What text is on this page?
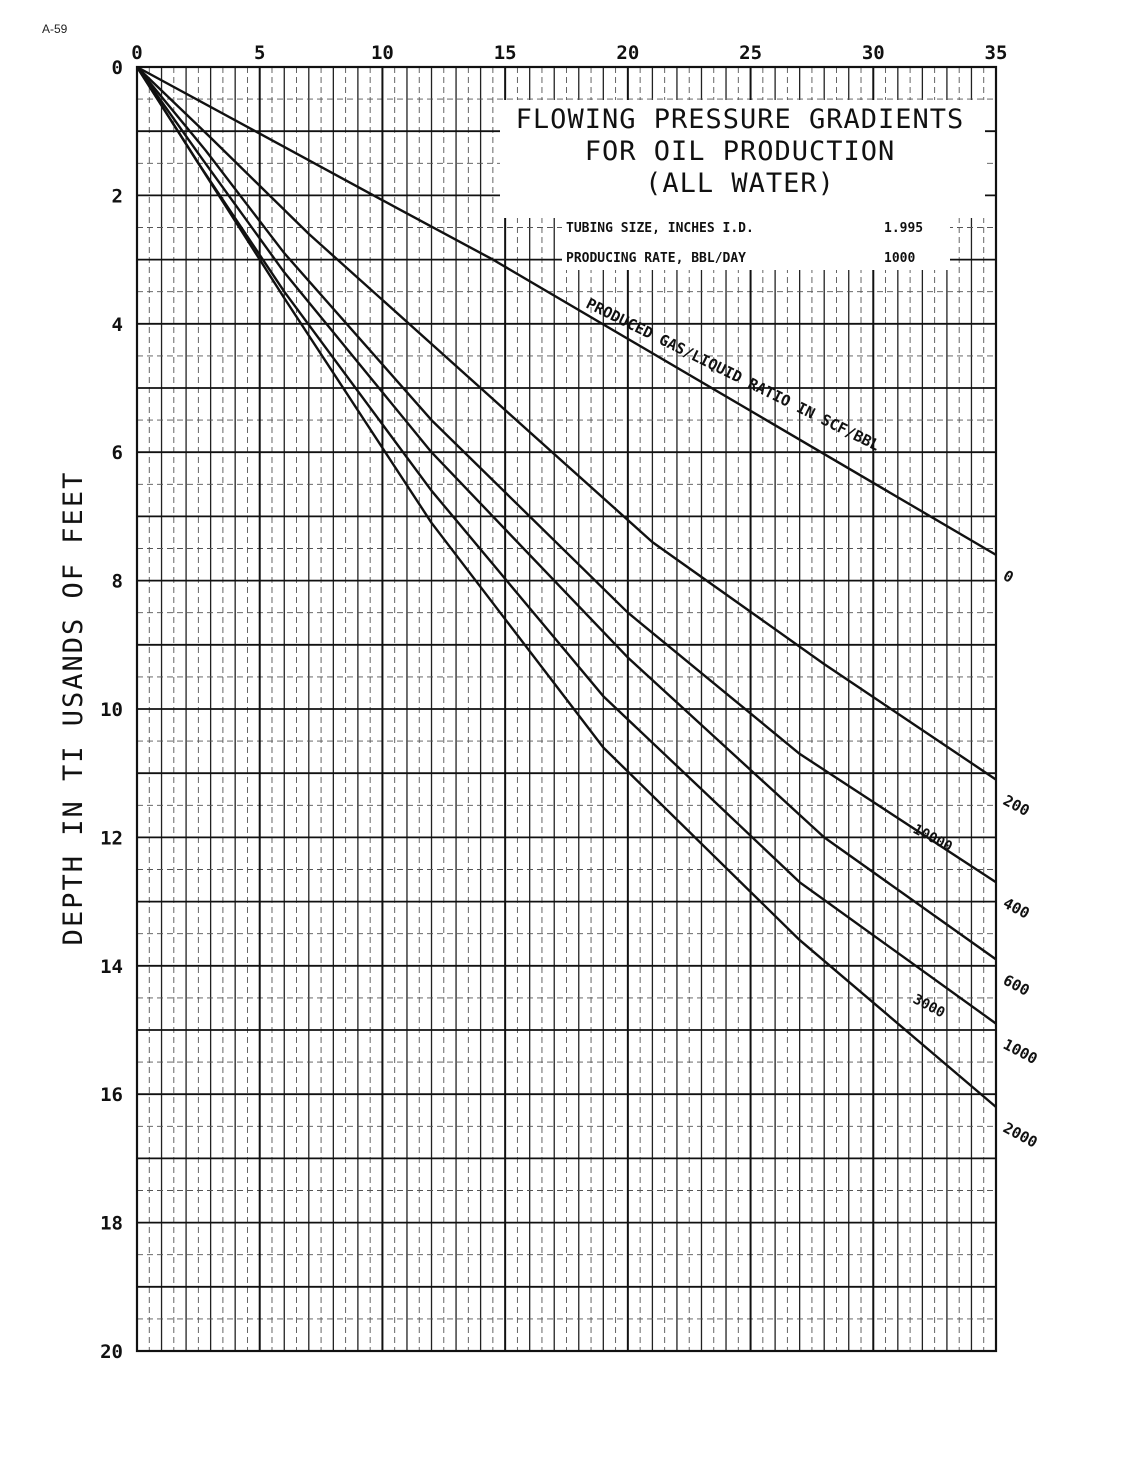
A-59
0	5	10	15	20	25	30	35
0
2
4
6
8
10
12
14
16
18
20
FLOWING PRESSURE GRADIENTS
FOR OIL PRODUCTION
(ALL WATER)
TUBING SIZE, INCHES I.D.	1.995
PRODUCING RATE, BBL/DAY	1000
0
200
400
600
1000
2000
PRODUCED GAS/LIQUID RATIO IN SCF/BBL
10000
3000
DEPTH IN TI USANDS OF FEET
